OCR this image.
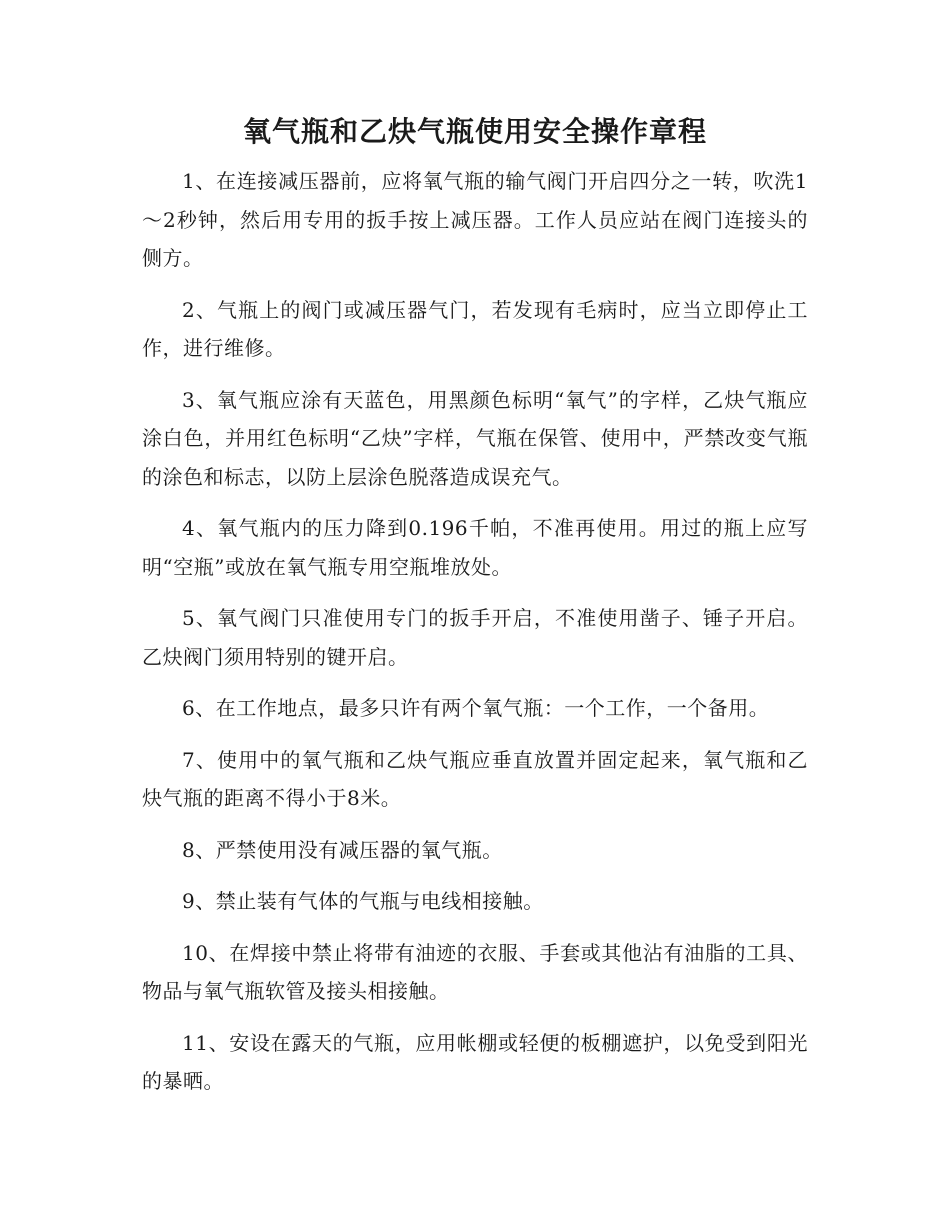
氧气瓶和乙炔气瓶使用安全操作章程

1、在连接减压器前，应将氧气瓶的输气阀门开启四分之一转，吹洗1～2秒钟，然后用专用的扳手按上减压器。工作人员应站在阀门连接头的侧方。

2、气瓶上的阀门或减压器气门，若发现有毛病时，应当立即停止工作，进行维修。

3、氧气瓶应涂有天蓝色，用黑颜色标明“氧气”的字样，乙炔气瓶应涂白色，并用红色标明“乙炔”字样，气瓶在保管、使用中，严禁改变气瓶的涂色和标志，以防上层涂色脱落造成误充气。

4、氧气瓶内的压力降到0.196千帕，不准再使用。用过的瓶上应写明“空瓶”或放在氧气瓶专用空瓶堆放处。

5、氧气阀门只准使用专门的扳手开启，不准使用凿子、锤子开启。乙炔阀门须用特别的键开启。

6、在工作地点，最多只许有两个氧气瓶：一个工作，一个备用。

7、使用中的氧气瓶和乙炔气瓶应垂直放置并固定起来，氧气瓶和乙炔气瓶的距离不得小于8米。

8、严禁使用没有减压器的氧气瓶。

9、禁止装有气体的气瓶与电线相接触。

10、在焊接中禁止将带有油迹的衣服、手套或其他沾有油脂的工具、物品与氧气瓶软管及接头相接触。

11、安设在露天的气瓶，应用帐棚或轻便的板棚遮护，以免受到阳光的暴晒。
